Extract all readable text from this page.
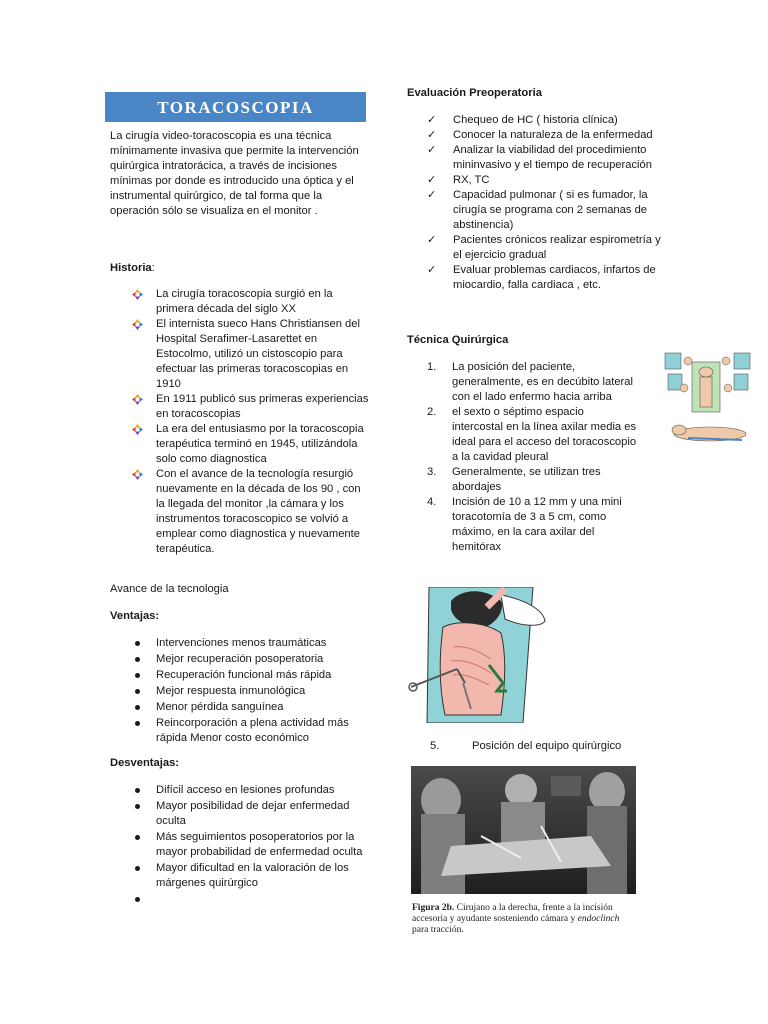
TORACOSCOPIA
La cirugía video-toracoscopia es una técnica mínimamente invasiva que permite la intervención quirúrgica intratorácica, a través de incisiones mínimas por donde es introducido una óptica y el instrumental quirúrgico, de tal forma que la operación sólo se visualiza en el monitor .
Historia:
La cirugía toracoscopia surgió en la primera década del siglo XX
El internista sueco Hans Christiansen del Hospital Serafimer-Lasarettet en Estocolmo, utilizó un cistoscopio para efectuar las primeras toracoscopias en 1910
En 1911 publicó sus primeras experiencias en toracoscopias
La era del entusiasmo por la toracoscopia terapéutica terminó en 1945, utilizándola solo como diagnostica
Con el avance de la tecnología resurgió nuevamente en la década de los 90 , con la llegada del monitor ,la cámara y los instrumentos toracoscopico se volvió a emplear como diagnostica y nuevamente terapéutica.
Avance de la tecnologia
Ventajas:
Intervenciones menos traumáticas
Mejor recuperación posoperatoria
Recuperación funcional más rápida
Mejor respuesta inmunológica
Menor pérdida sanguínea
Reincorporación a plena actividad más rápida Menor costo económico
Desventajas:
Difícil acceso en lesiones profundas
Mayor posibilidad de dejar enfermedad oculta
Más seguimientos posoperatorios por la mayor probabilidad de enfermedad oculta
Mayor dificultad en la valoración de los márgenes quirúrgico
Evaluación Preoperatoria
✓ Chequeo de HC ( historia clínica)
✓ Conocer la naturaleza de la enfermedad
✓ Analizar la viabilidad del procedimiento mininvasivo y el tiempo de recuperación
✓ RX, TC
✓ Capacidad pulmonar ( si es fumador, la cirugía se programa con 2 semanas de abstinencia)
✓ Pacientes crónicos realizar espirometría y el ejercicio gradual
✓ Evaluar problemas cardiacos, infartos de miocardio, falla cardiaca , etc.
Técnica Quirúrgica
1. La posición del paciente, generalmente, es en decúbito lateral con el lado enfermo hacia arriba
2. el sexto o séptimo espacio intercostal en la línea axilar media es ideal para el acceso del toracoscopio a la cavidad pleural
3. Generalmente, se utilizan tres abordajes
4. Incisión de 10 a 12 mm y una mini toracotomía de 3 a 5 cm, como máximo, en la cara axilar del hemitórax
5.	Posición del equipo quirúrgico
Figura 2b. Cirujano a la derecha, frente a la incisión accesoria y ayudante sosteniendo cámara y endoclinch para tracción.
